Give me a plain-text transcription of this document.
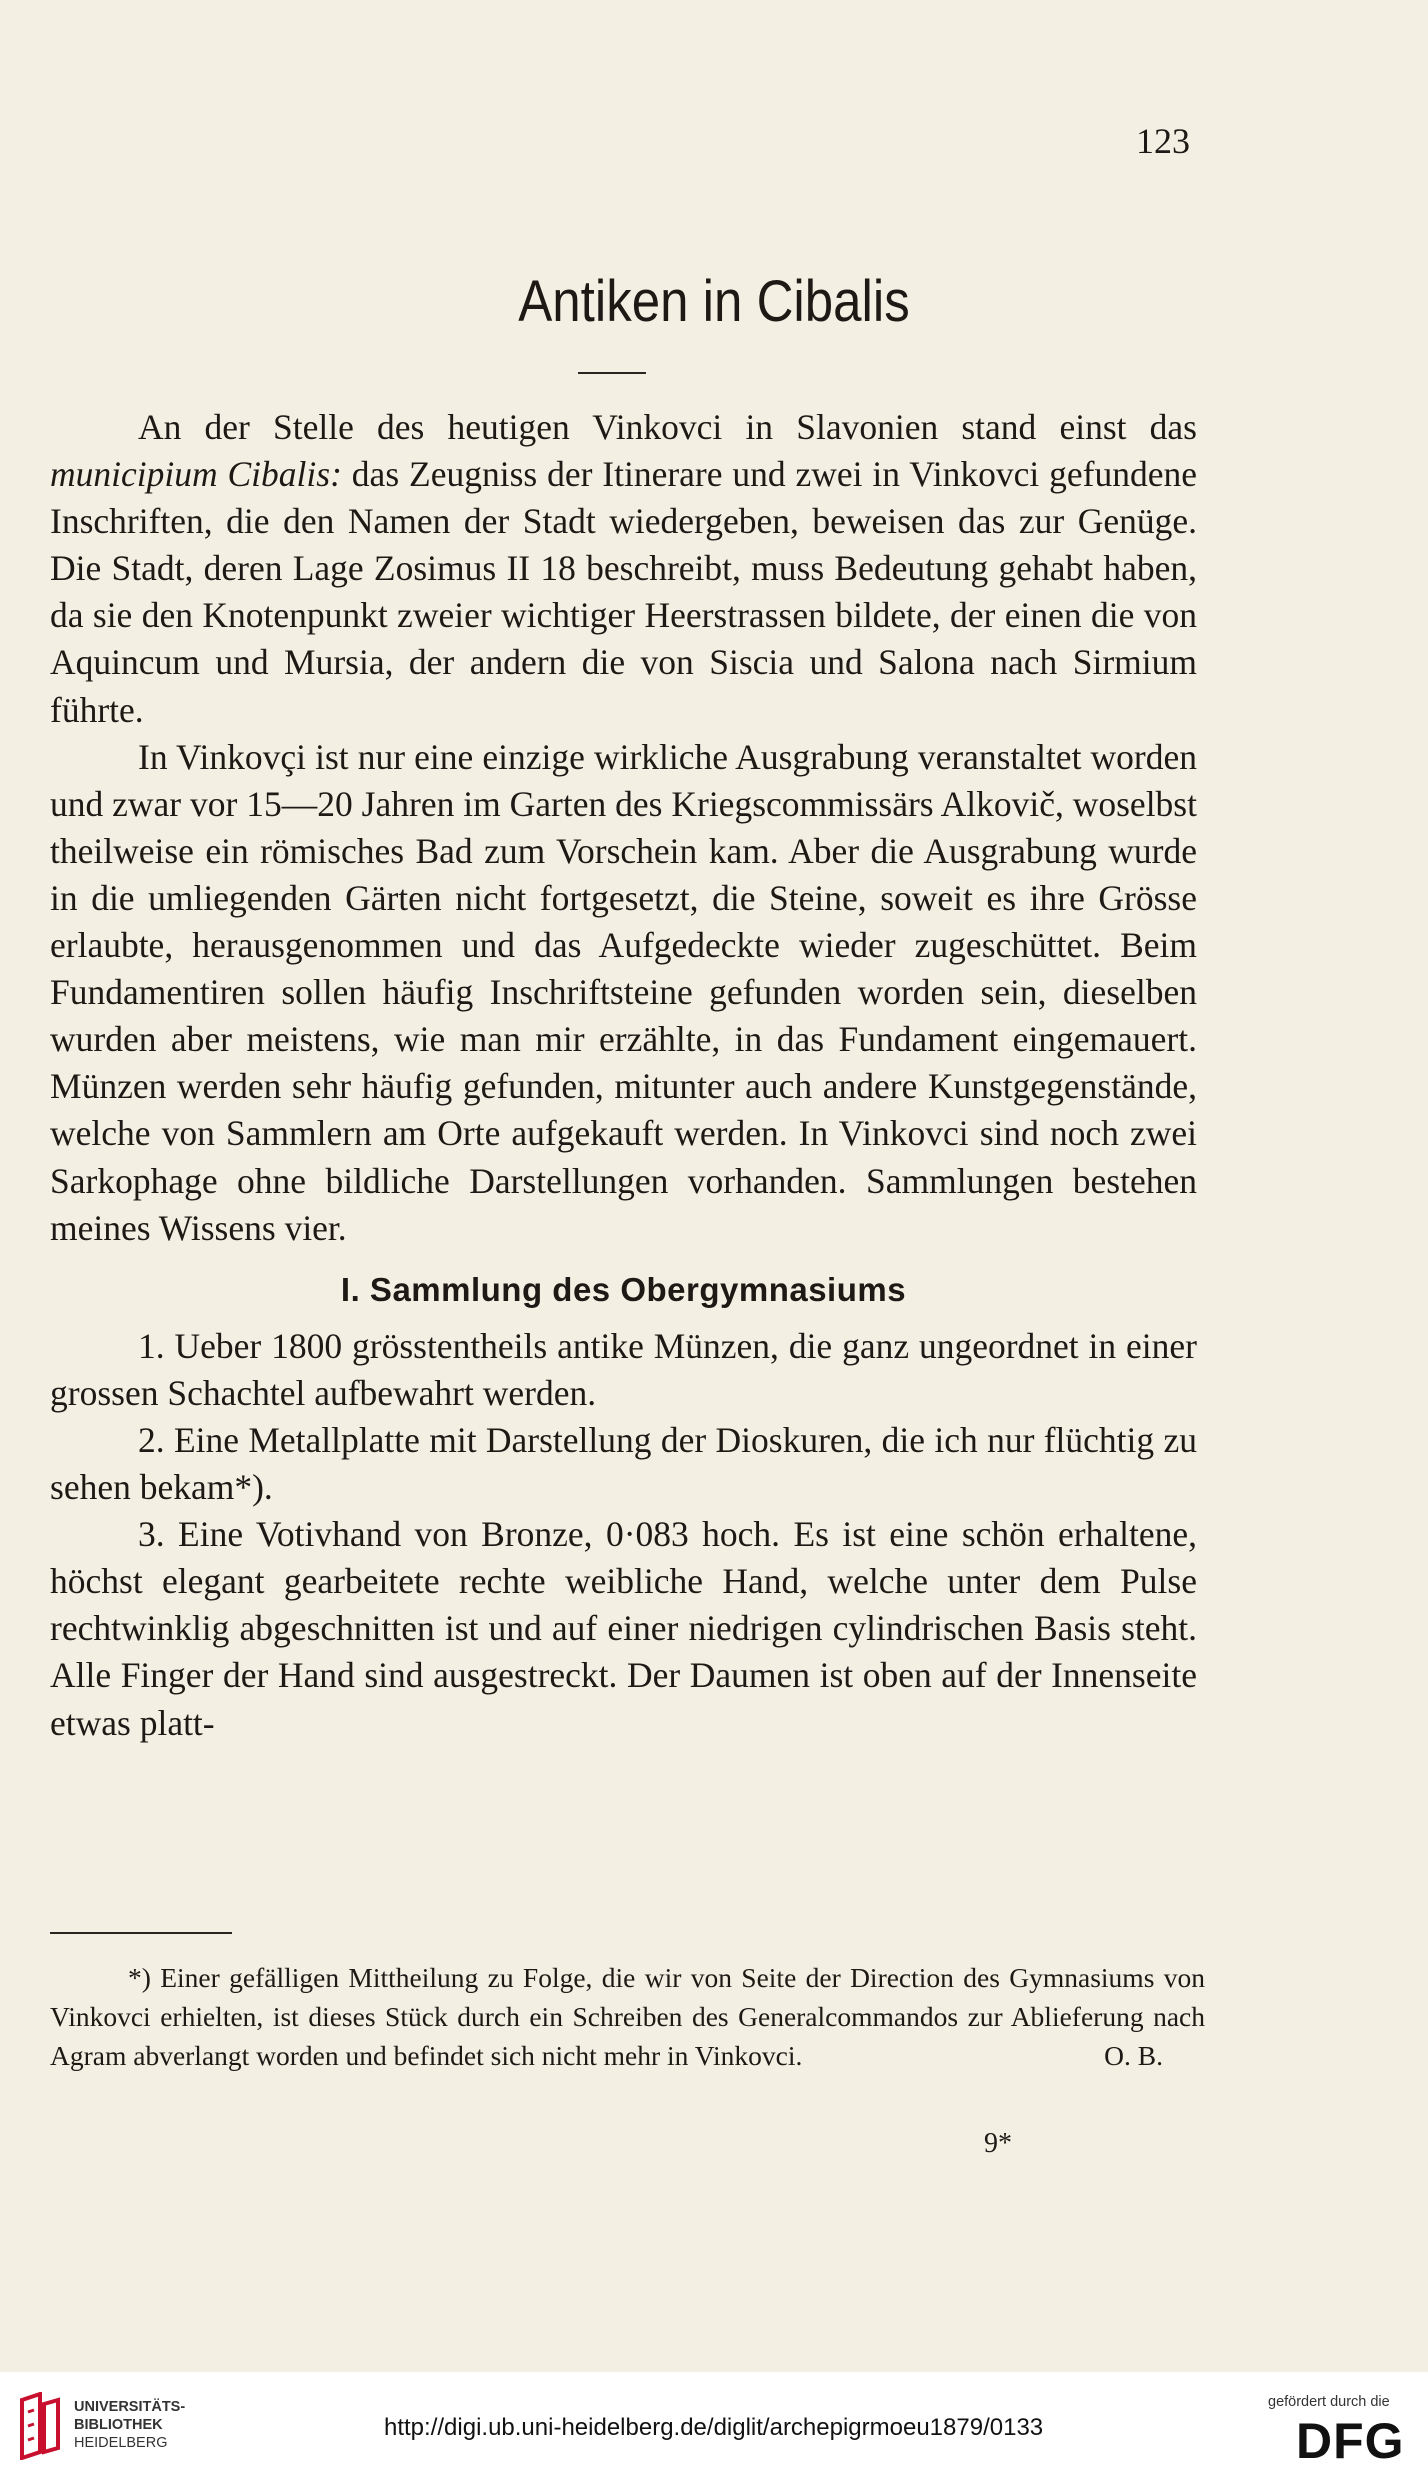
123
Antiken in Cibalis

An der Stelle des heutigen Vinkovci in Slavonien stand einst das municipium Cibalis: das Zeugniss der Itinerare und zwei in Vinkovci gefundene Inschriften, die den Namen der Stadt wiedergeben, beweisen das zur Genüge. Die Stadt, deren Lage Zosimus II 18 beschreibt, muss Bedeutung gehabt haben, da sie den Knotenpunkt zweier wichtiger Heerstrassen bildete, der einen die von Aquincum und Mursia, der andern die von Siscia und Salona nach Sirmium führte.

In Vinkovçi ist nur eine einzige wirkliche Ausgrabung veranstaltet worden und zwar vor 15—20 Jahren im Garten des Kriegscommissärs Alkovič, woselbst theilweise ein römisches Bad zum Vorschein kam. Aber die Ausgrabung wurde in die umliegenden Gärten nicht fortgesetzt, die Steine, soweit es ihre Grösse erlaubte, herausgenommen und das Aufgedeckte wieder zugeschüttet. Beim Fundamentiren sollen häufig Inschriftsteine gefunden worden sein, dieselben wurden aber meistens, wie man mir erzählte, in das Fundament eingemauert. Münzen werden sehr häufig gefunden, mitunter auch andere Kunstgegenstände, welche von Sammlern am Orte aufgekauft werden. In Vinkovci sind noch zwei Sarkophage ohne bildliche Darstellungen vorhanden. Sammlungen bestehen meines Wissens vier.

I. Sammlung des Obergymnasiums

1. Ueber 1800 grösstentheils antike Münzen, die ganz ungeordnet in einer grossen Schachtel aufbewahrt werden.

2. Eine Metallplatte mit Darstellung der Dioskuren, die ich nur flüchtig zu sehen bekam*).

3. Eine Votivhand von Bronze, 0·083 hoch. Es ist eine schön erhaltene, höchst elegant gearbeitete rechte weibliche Hand, welche unter dem Pulse rechtwinklig abgeschnitten ist und auf einer niedrigen cylindrischen Basis steht. Alle Finger der Hand sind ausgestreckt. Der Daumen ist oben auf der Innenseite etwas platt-

*) Einer gefälligen Mittheilung zu Folge, die wir von Seite der Direction des Gymnasiums von Vinkovci erhielten, ist dieses Stück durch ein Schreiben des Generalcommandos zur Ablieferung nach Agram abverlangt worden und befindet sich nicht mehr in Vinkovci.	O. B.

9*
UNIVERSITÄTS-
BIBLIOTHEK
HEIDELBERG
http://digi.ub.uni-heidelberg.de/diglit/archepigrmoeu1879/0133
gefördert durch die
DFG
